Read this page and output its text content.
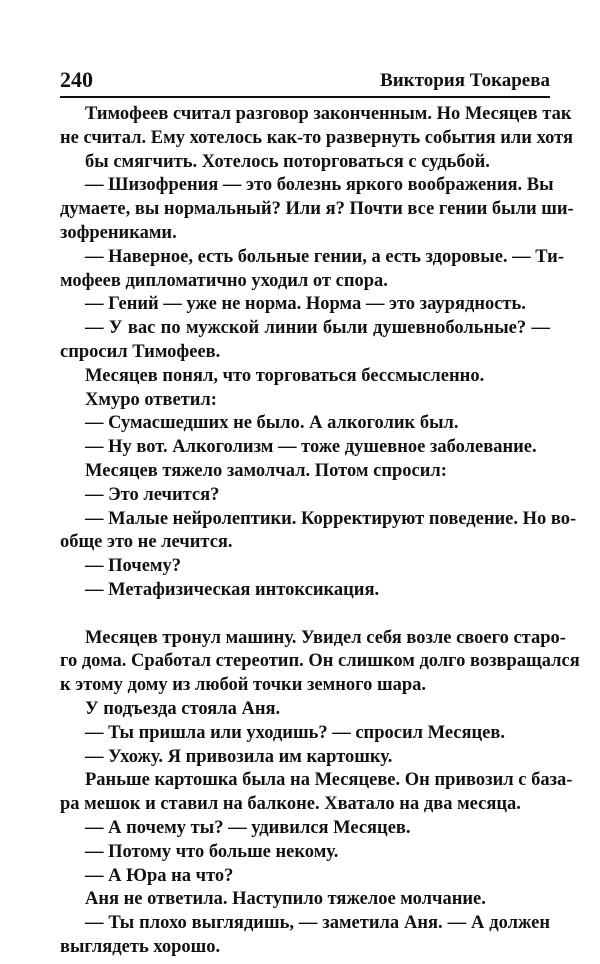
240	Виктория Токарева
Тимофеев считал разговор законченным. Но Месяцев так
не считал. Ему хотелось как-то развернуть события или хотя
бы смягчить. Хотелось поторговаться с судьбой.
— Шизофрения — это болезнь яркого воображения. Вы
думаете, вы нормальный? Или я? Почти все гении были ши-
зофрениками.
— Наверное, есть больные гении, а есть здоровые. — Ти-
мофеев дипломатично уходил от спора.
— Гений — уже не норма. Норма — это заурядность.
— У вас по мужской линии были душевнобольные? —
спросил Тимофеев.
Месяцев понял, что торговаться бессмысленно.
Хмуро ответил:
— Сумасшедших не было. А алкоголик был.
— Ну вот. Алкоголизм — тоже душевное заболевание.
Месяцев тяжело замолчал. Потом спросил:
— Это лечится?
— Малые нейролептики. Корректируют поведение. Но во-
обще это не лечится.
— Почему?
— Метафизическая интоксикация.
Месяцев тронул машину. Увидел себя возле своего старо-
го дома. Сработал стереотип. Он слишком долго возвращался
к этому дому из любой точки земного шара.
У подъезда стояла Аня.
— Ты пришла или уходишь? — спросил Месяцев.
— Ухожу. Я привозила им картошку.
Раньше картошка была на Месяцеве. Он привозил с база-
ра мешок и ставил на балконе. Хватало на два месяца.
— А почему ты? — удивился Месяцев.
— Потому что больше некому.
— А Юра на что?
Аня не ответила. Наступило тяжелое молчание.
— Ты плохо выглядишь, — заметила Аня. — А должен
выглядеть хорошо.
